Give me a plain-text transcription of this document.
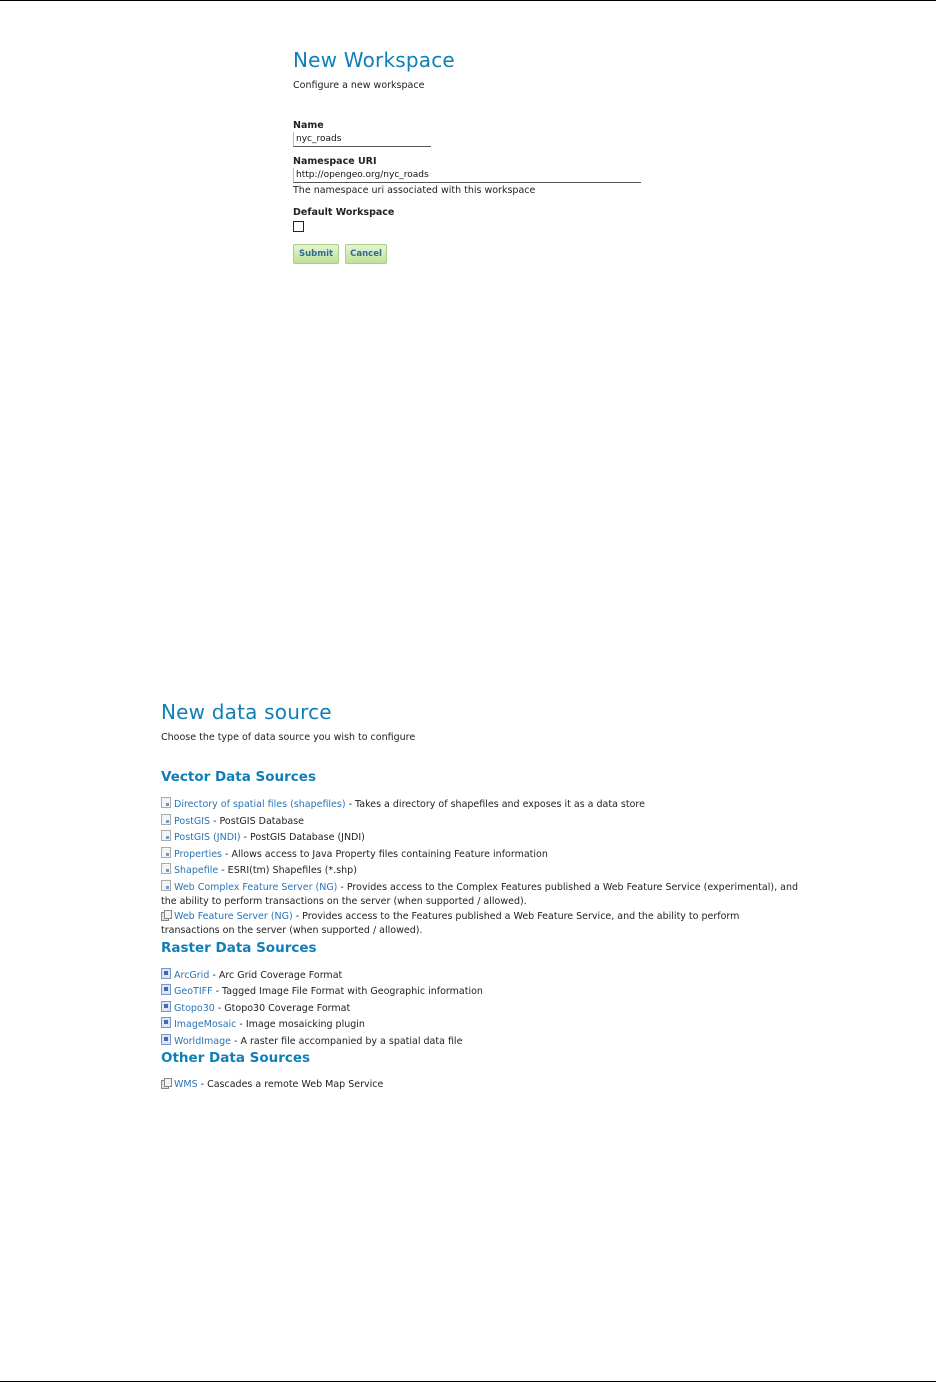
New Workspace
Configure a new workspace
Name
nyc_roads
Namespace URI
http://opengeo.org/nyc_roads
The namespace uri associated with this workspace
Default Workspace
Submit	Cancel
New data source
Choose the type of data source you wish to configure
Vector Data Sources
Directory of spatial files (shapefiles) - Takes a directory of shapefiles and exposes it as a data store
PostGIS - PostGIS Database
PostGIS (JNDI) - PostGIS Database (JNDI)
Properties - Allows access to Java Property files containing Feature information
Shapefile - ESRI(tm) Shapefiles (*.shp)
Web Complex Feature Server (NG) - Provides access to the Complex Features published a Web Feature Service (experimental), and the ability to perform transactions on the server (when supported / allowed).
Web Feature Server (NG) - Provides access to the Features published a Web Feature Service, and the ability to perform transactions on the server (when supported / allowed).
Raster Data Sources
ArcGrid - Arc Grid Coverage Format
GeoTIFF - Tagged Image File Format with Geographic information
Gtopo30 - Gtopo30 Coverage Format
ImageMosaic - Image mosaicking plugin
WorldImage - A raster file accompanied by a spatial data file
Other Data Sources
WMS - Cascades a remote Web Map Service
